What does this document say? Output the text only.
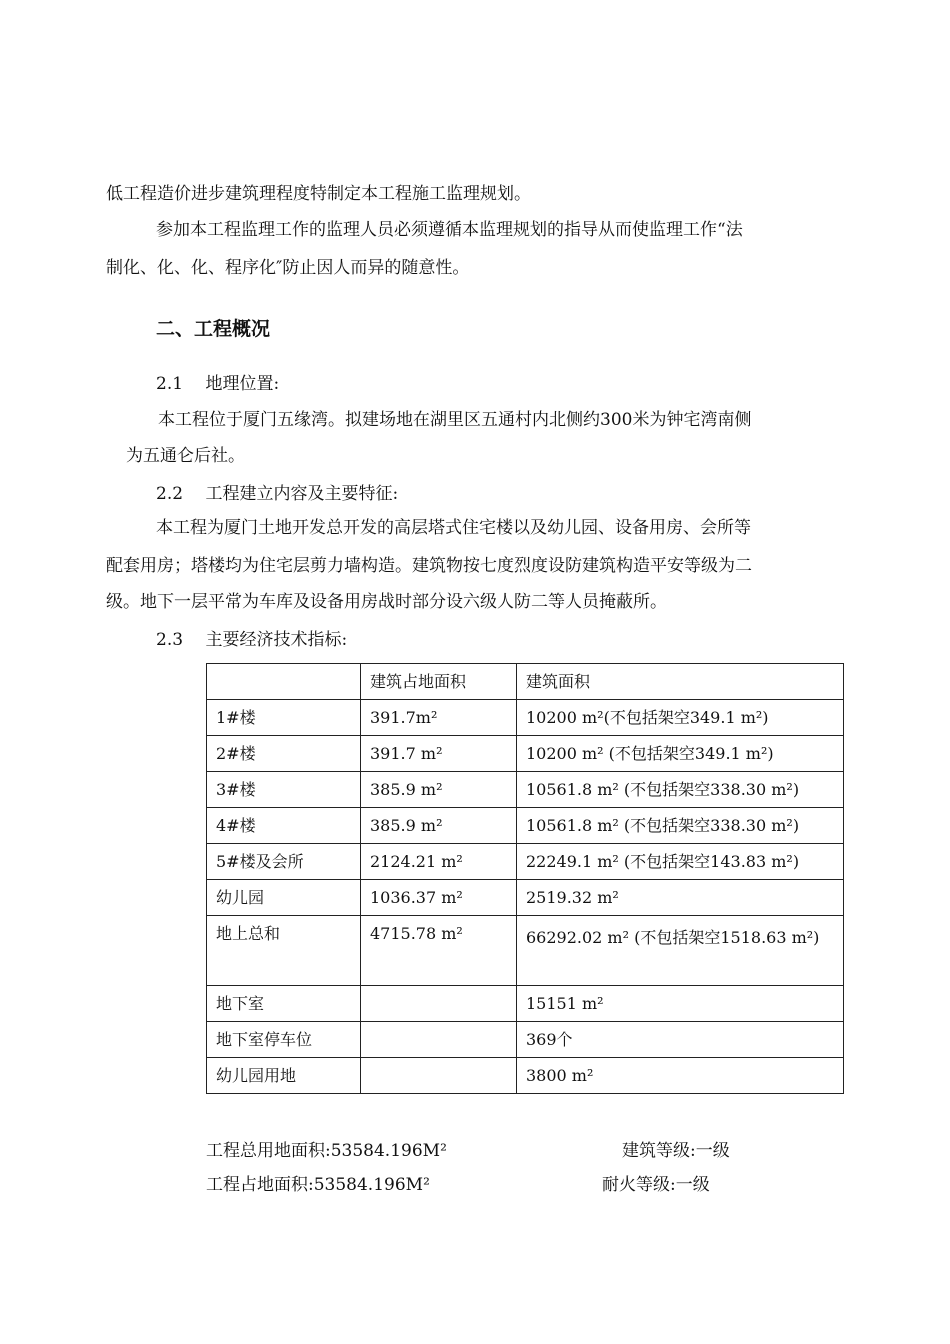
低工程造价进步建筑理程度特制定本工程施工监理规划。
参加本工程监理工作的监理人员必须遵循本监理规划的指导从而使监理工作“法
制化、化、化、程序化″防止因人而异的随意性。
二、工程概况
2.1　 地理位置:
本工程位于厦门五缘湾。拟建场地在湖里区五通村内北侧约300米为钟宅湾南侧
为五通仑后社。
2.2　 工程建立内容及主要特征:
本工程为厦门土地开发总开发的高层塔式住宅楼以及幼儿园、设备用房、会所等
配套用房；塔楼均为住宅层剪力墙构造。建筑物按七度烈度设防建筑构造平安等级为二
级。地下一层平常为车库及设备用房战时部分设六级人防二等人员掩蔽所。
2.3　 主要经济技术指标:
	建筑占地面积	建筑面积
1#楼	391.7m²	10200 m²(不包括架空349.1 m²)
2#楼	391.7 m²	10200 m² (不包括架空349.1 m²)
3#楼	385.9 m²	10561.8 m² (不包括架空338.30 m²)
4#楼	385.9 m²	10561.8 m² (不包括架空338.30 m²)
5#楼及会所	2124.21 m²	22249.1 m² (不包括架空143.83 m²)
幼儿园	1036.37 m²	2519.32 m²
地上总和	4715.78 m²	66292.02 m² (不包括架空1518.63 m²)
地下室		15151 m²
地下室停车位		369个
幼儿园用地		3800 m²
工程总用地面积:53584.196M²	建筑等级:一级
工程占地面积:53584.196M²	耐火等级:一级
